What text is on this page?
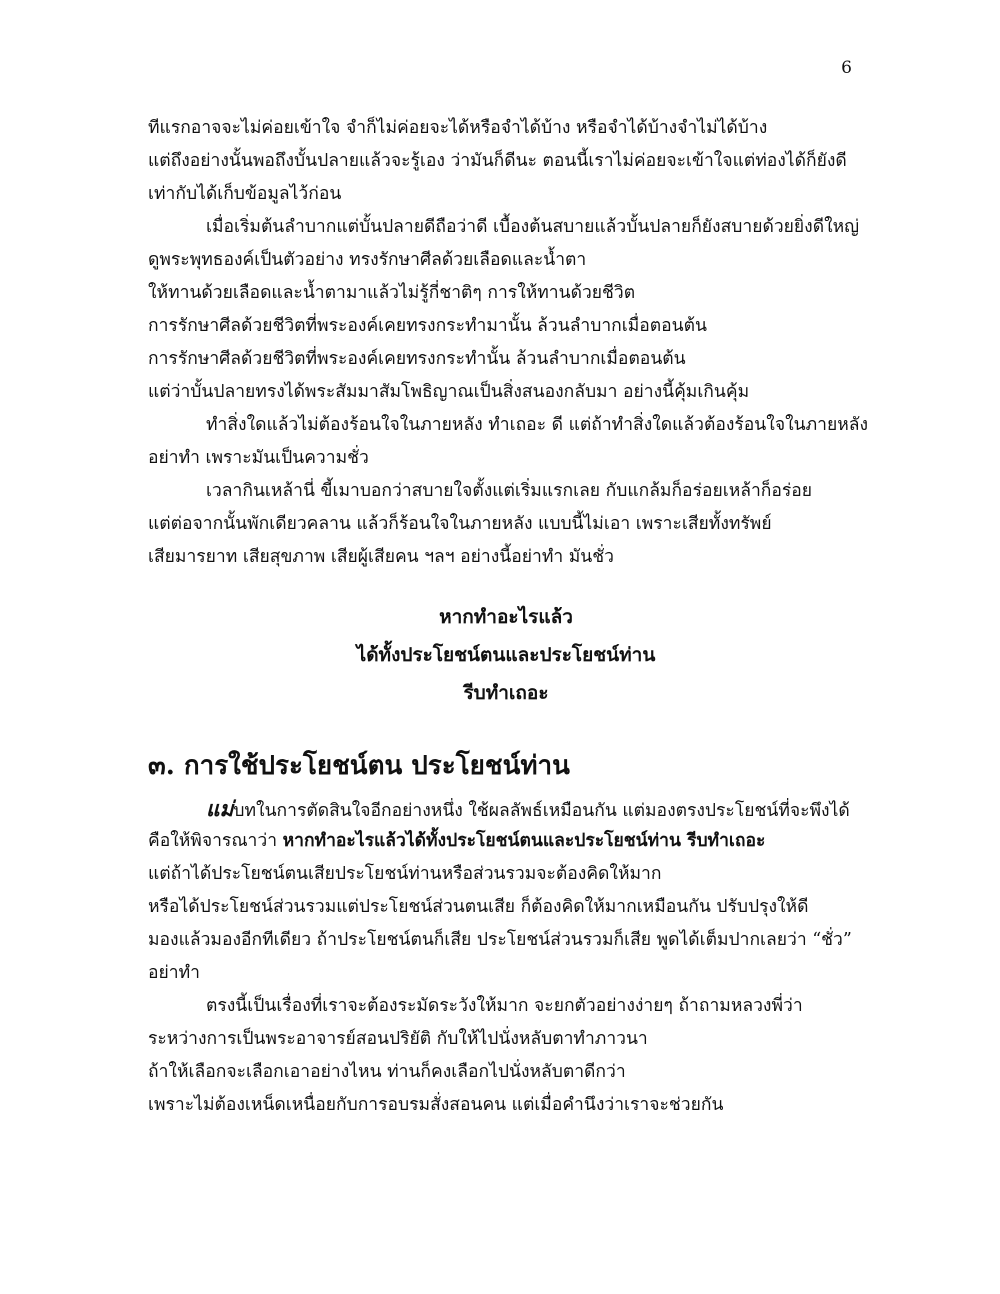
6
ทีแรกอาจจะไม่ค่อยเข้าใจ จำก็ไม่ค่อยจะได้หรือจำได้บ้าง หรือจำได้บ้างจำไม่ได้บ้าง
แต่ถึงอย่างนั้นพอถึงบั้นปลายแล้วจะรู้เอง ว่ามันก็ดีนะ ตอนนี้เราไม่ค่อยจะเข้าใจแต่ท่องได้ก็ยังดี
เท่ากับได้เก็บข้อมูลไว้ก่อน
เมื่อเริ่มต้นลำบากแต่บั้นปลายดีถือว่าดี เบื้องต้นสบายแล้วบั้นปลายก็ยังสบายด้วยยิ่งดีใหญ่
ดูพระพุทธองค์เป็นตัวอย่าง ทรงรักษาศีลด้วยเลือดและน้ำตา
ให้ทานด้วยเลือดและน้ำตามาแล้วไม่รู้กี่ชาติๆ การให้ทานด้วยชีวิต
การรักษาศีลด้วยชีวิตที่พระองค์เคยทรงกระทำมานั้น ล้วนลำบากเมื่อตอนต้น
การรักษาศีลด้วยชีวิตที่พระองค์เคยทรงกระทำนั้น ล้วนลำบากเมื่อตอนต้น
แต่ว่าบั้นปลายทรงได้พระสัมมาสัมโพธิญาณเป็นสิ่งสนองกลับมา อย่างนี้คุ้มเกินคุ้ม
ทำสิ่งใดแล้วไม่ต้องร้อนใจในภายหลัง ทำเถอะ ดี แต่ถ้าทำสิ่งใดแล้วต้องร้อนใจในภายหลัง
อย่าทำ เพราะมันเป็นความชั่ว
เวลากินเหล้านี่ ขี้เมาบอกว่าสบายใจตั้งแต่เริ่มแรกเลย กับแกล้มก็อร่อยเหล้าก็อร่อย
แต่ต่อจากนั้นพักเดียวคลาน แล้วก็ร้อนใจในภายหลัง แบบนี้ไม่เอา เพราะเสียทั้งทรัพย์
เสียมารยาท เสียสุขภาพ เสียผู้เสียคน ฯลฯ อย่างนี้อย่าทำ มันชั่ว
หากทำอะไรแล้ว
ได้ทั้งประโยชน์ตนและประโยชน์ท่าน
รีบทำเถอะ
๓. การใช้ประโยชน์ตน ประโยชน์ท่าน
แม่บทในการตัดสินใจอีกอย่างหนึ่ง ใช้ผลลัพธ์เหมือนกัน แต่มองตรงประโยชน์ที่จะพึงได้
คือให้พิจารณาว่า หากทำอะไรแล้วได้ทั้งประโยชน์ตนและประโยชน์ท่าน รีบทำเถอะ
แต่ถ้าได้ประโยชน์ตนเสียประโยชน์ท่านหรือส่วนรวมจะต้องคิดให้มาก
หรือได้ประโยชน์ส่วนรวมแต่ประโยชน์ส่วนตนเสีย ก็ต้องคิดให้มากเหมือนกัน ปรับปรุงให้ดี
มองแล้วมองอีกทีเดียว ถ้าประโยชน์ตนก็เสีย ประโยชน์ส่วนรวมก็เสีย พูดได้เต็มปากเลยว่า “ชั่ว”
อย่าทำ
ตรงนี้เป็นเรื่องที่เราจะต้องระมัดระวังให้มาก จะยกตัวอย่างง่ายๆ ถ้าถามหลวงพี่ว่า
ระหว่างการเป็นพระอาจารย์สอนปริยัติ กับให้ไปนั่งหลับตาทำภาวนา
ถ้าให้เลือกจะเลือกเอาอย่างไหน ท่านก็คงเลือกไปนั่งหลับตาดีกว่า
เพราะไม่ต้องเหน็ดเหนื่อยกับการอบรมสั่งสอนคน แต่เมื่อคำนึงว่าเราจะช่วยกัน
